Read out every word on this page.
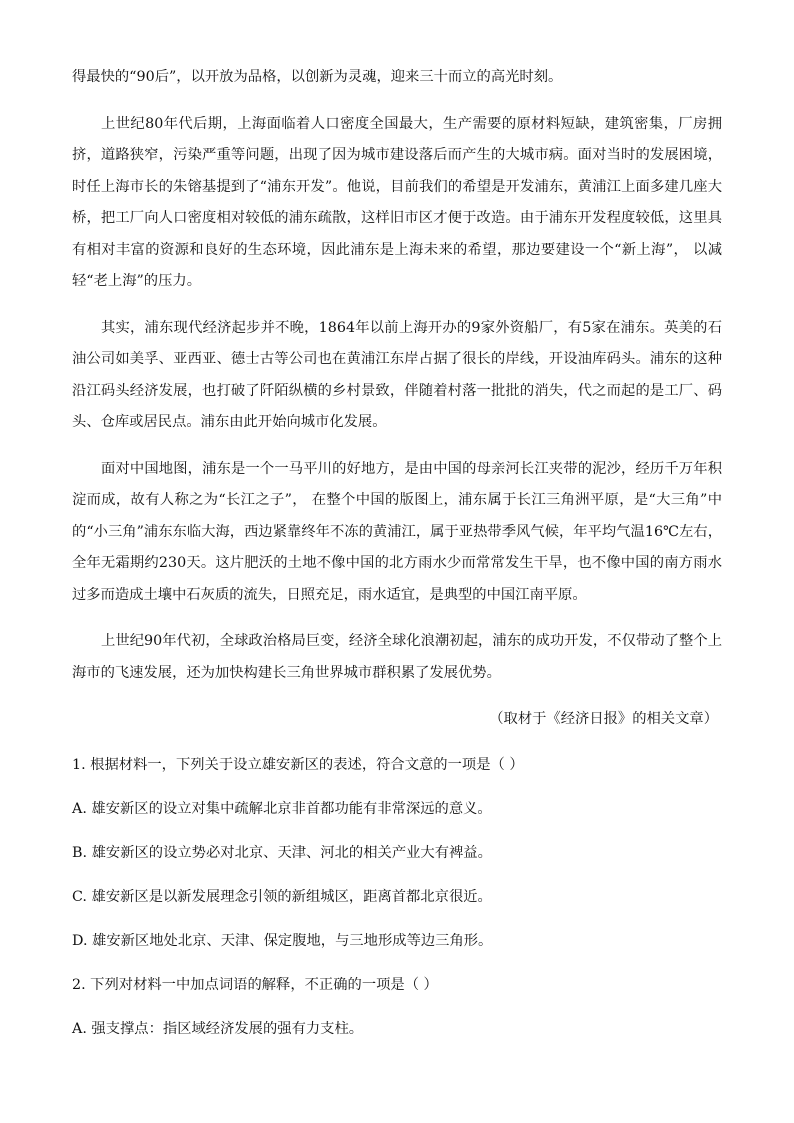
得最快的“90后”，以开放为品格，以创新为灵魂，迎来三十而立的高光时刻。

上世纪80年代后期，上海面临着人口密度全国最大，生产需要的原材料短缺，建筑密集，厂房拥挤，道路狭窄，污染严重等问题，出现了因为城市建设落后而产生的大城市病。面对当时的发展困境，时任上海市长的朱镕基提到了“浦东开发”。他说，目前我们的希望是开发浦东，黄浦江上面多建几座大桥，把工厂向人口密度相对较低的浦东疏散，这样旧市区才便于改造。由于浦东开发程度较低，这里具有相对丰富的资源和良好的生态环境，因此浦东是上海未来的希望，那边要建设一个“新上海”， 以减轻“老上海”的压力。

其实，浦东现代经济起步并不晚，1864年以前上海开办的9家外资船厂，有5家在浦东。英美的石油公司如美孚、亚西亚、德士古等公司也在黄浦江东岸占据了很长的岸线，开设油库码头。浦东的这种沿江码头经济发展，也打破了阡陌纵横的乡村景致，伴随着村落一批批的消失，代之而起的是工厂、码头、仓库或居民点。浦东由此开始向城市化发展。

面对中国地图，浦东是一个一马平川的好地方，是由中国的母亲河长江夹带的泥沙，经历千万年积淀而成，故有人称之为“长江之子”， 在整个中国的版图上，浦东属于长江三角洲平原，是“大三角”中的“小三角”浦东东临大海，西边紧靠终年不冻的黄浦江，属于亚热带季风气候，年平均气温16℃左右，全年无霜期约230天。这片肥沃的土地不像中国的北方雨水少而常常发生干旱，也不像中国的南方雨水过多而造成土壤中石灰质的流失，日照充足，雨水适宜，是典型的中国江南平原。

上世纪90年代初，全球政治格局巨变，经济全球化浪潮初起，浦东的成功开发，不仅带动了整个上海市的飞速发展，还为加快构建长三角世界城市群积累了发展优势。

（取材于《经济日报》的相关文章）

1. 根据材料一，下列关于设立雄安新区的表述，符合文意的一项是（ ）

A. 雄安新区的设立对集中疏解北京非首都功能有非常深远的意义。

B. 雄安新区的设立势必对北京、天津、河北的相关产业大有裨益。

C. 雄安新区是以新发展理念引领的新组城区，距离首都北京很近。

D. 雄安新区地处北京、天津、保定腹地，与三地形成等边三角形。

2. 下列对材料一中加点词语的解释，不正确的一项是（ ）

A. 强支撑点：指区域经济发展的强有力支柱。
